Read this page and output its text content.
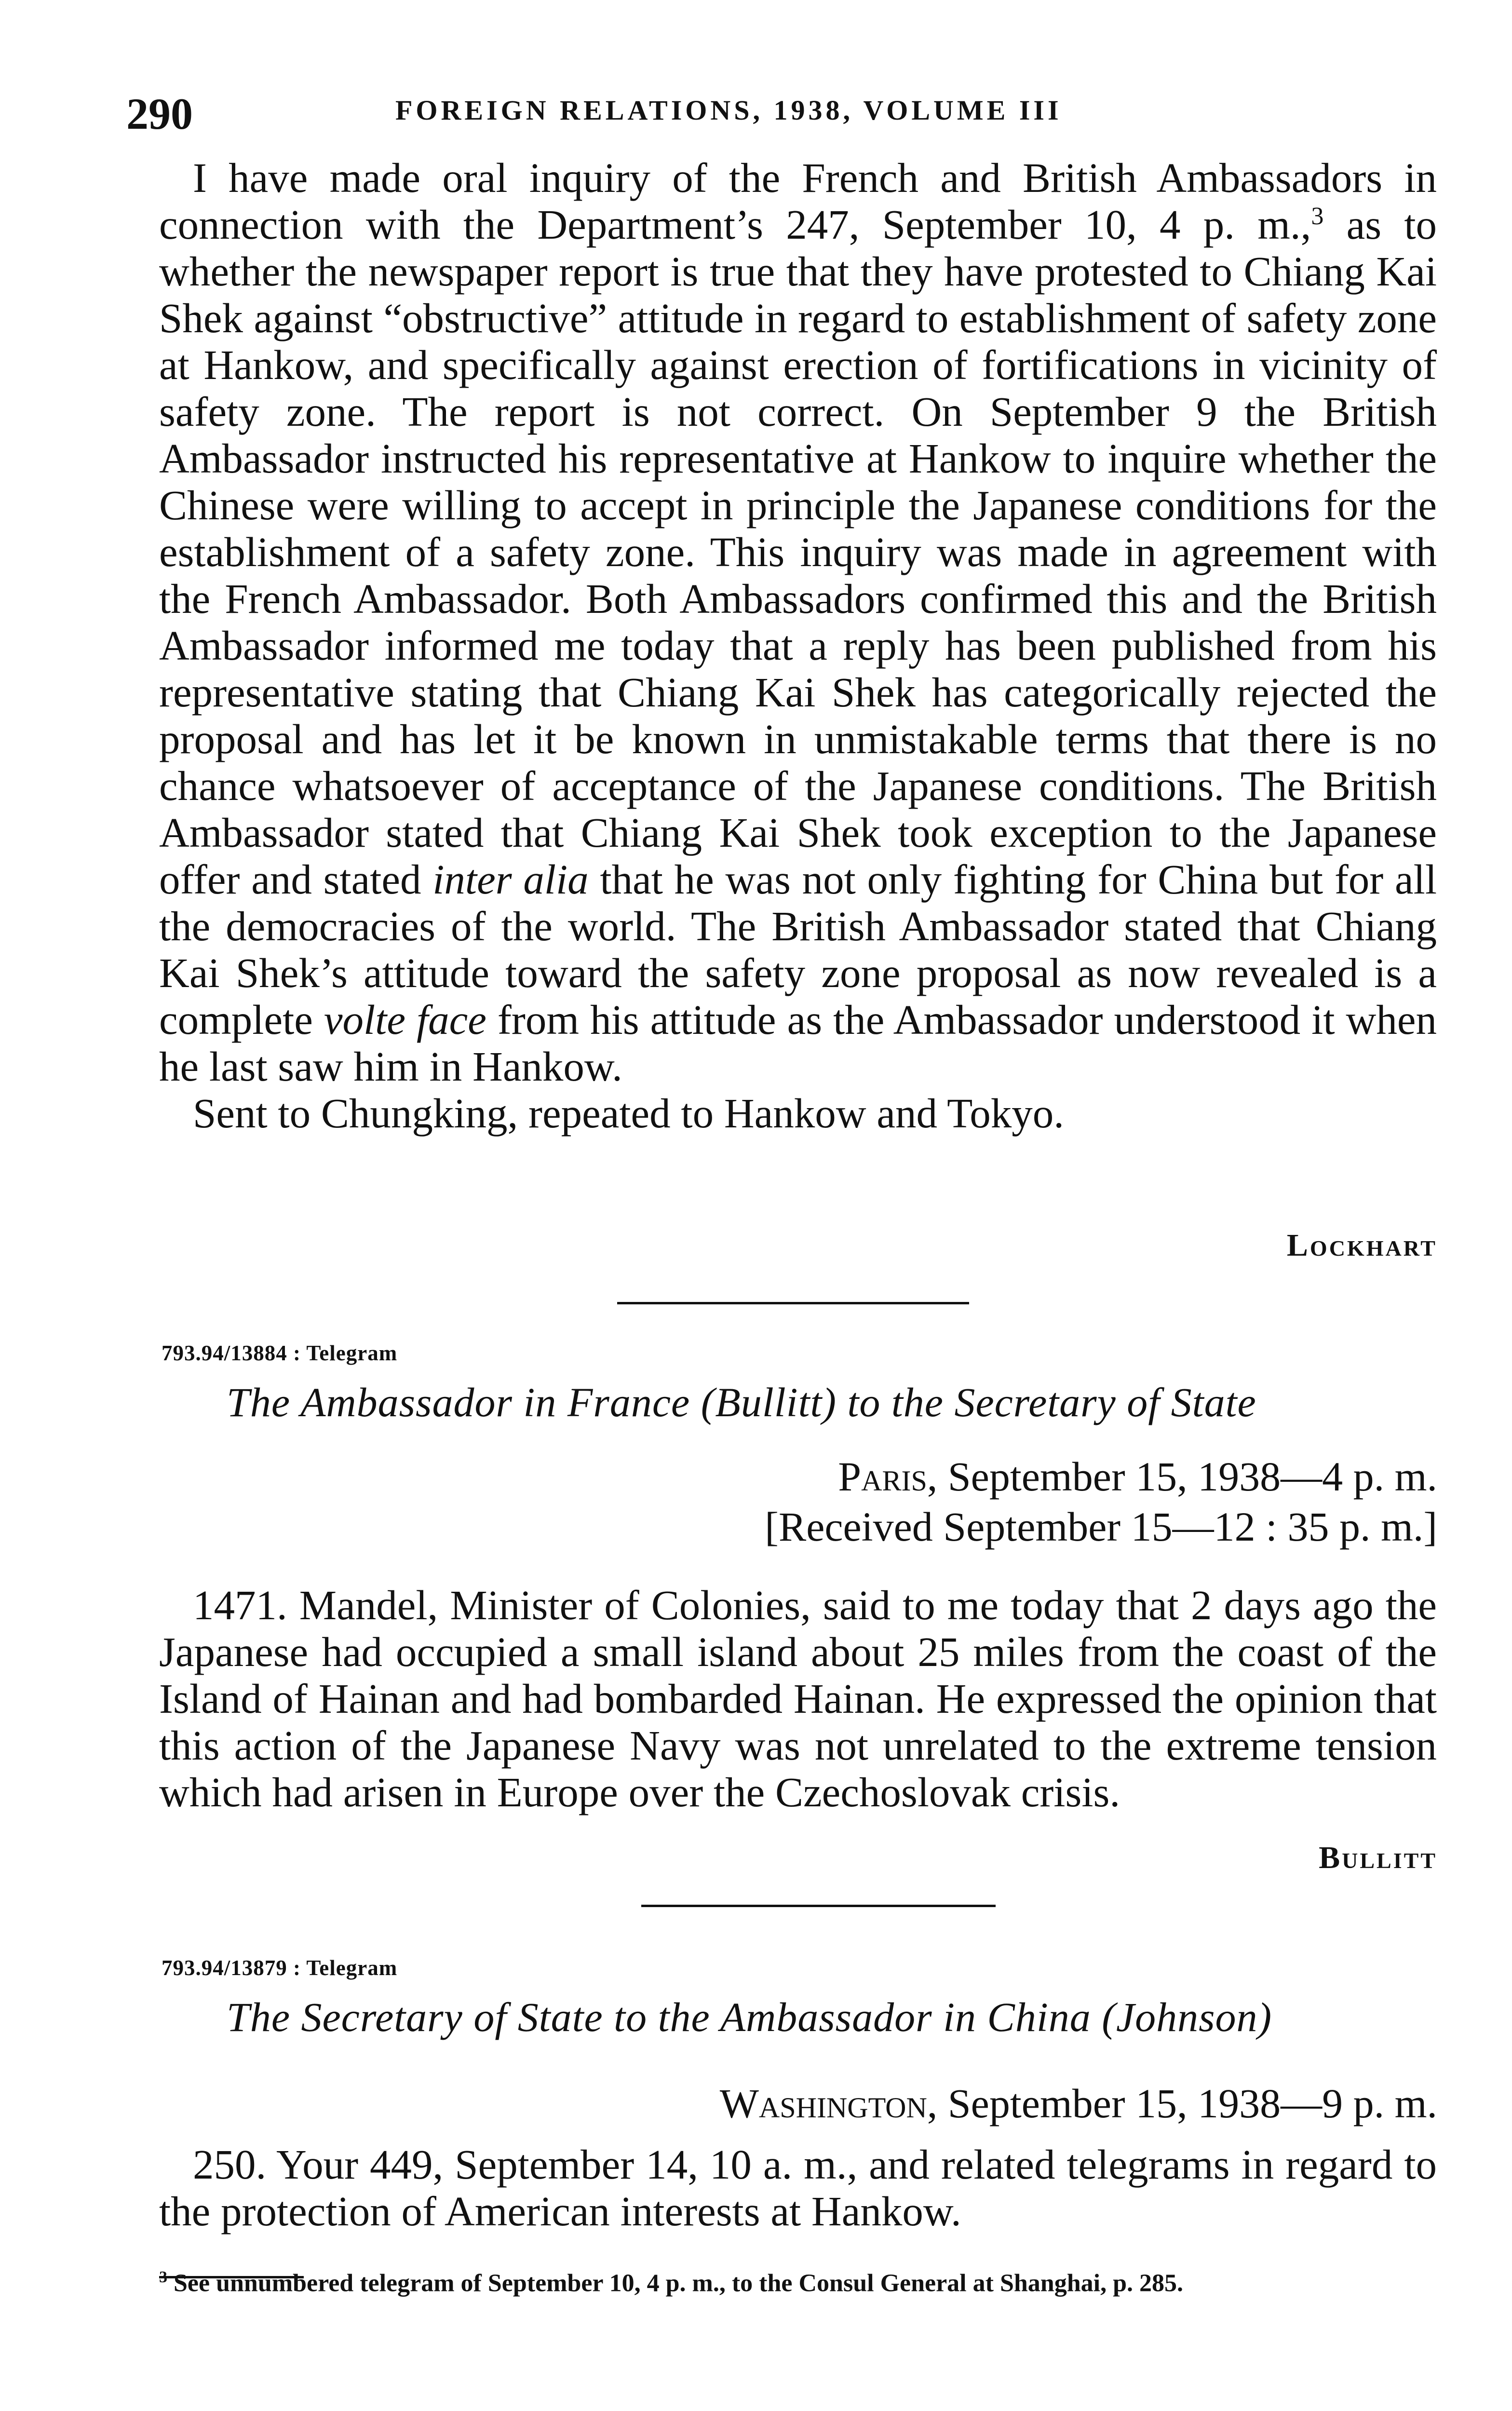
290	FOREIGN RELATIONS, 1938, VOLUME III

I have made oral inquiry of the French and British Ambassadors in connection with the Department’s 247, September 10, 4 p. m.,$^3$ as to whether the newspaper report is true that they have protested to Chiang Kai Shek against “obstructive” attitude in regard to establishment of safety zone at Hankow, and specifically against erection of fortifications in vicinity of safety zone. The report is not correct. On September 9 the British Ambassador instructed his representative at Hankow to inquire whether the Chinese were willing to accept in principle the Japanese conditions for the establishment of a safety zone. This inquiry was made in agreement with the French Ambassador. Both Ambassadors confirmed this and the British Ambassador informed me today that a reply has been published from his representative stating that Chiang Kai Shek has categorically rejected the proposal and has let it be known in unmistakable terms that there is no chance whatsoever of acceptance of the Japanese conditions. The British Ambassador stated that Chiang Kai Shek took exception to the Japanese offer and stated inter alia that he was not only fighting for China but for all the democracies of the world. The British Ambassador stated that Chiang Kai Shek’s attitude toward the safety zone proposal as now revealed is a complete volte face from his attitude as the Ambassador understood it when he last saw him in Hankow.

Sent to Chungking, repeated to Hankow and Tokyo.

Lockhart
793.94/13884 : Telegram
The Ambassador in France (Bullitt) to the Secretary of State
Paris, September 15, 1938—4 p. m.
[Received September 15—12 : 35 p. m.]

1471. Mandel, Minister of Colonies, said to me today that 2 days ago the Japanese had occupied a small island about 25 miles from the coast of the Island of Hainan and had bombarded Hainan. He expressed the opinion that this action of the Japanese Navy was not unrelated to the extreme tension which had arisen in Europe over the Czechoslovak crisis.

Bullitt
793.94/13879 : Telegram
The Secretary of State to the Ambassador in China (Johnson)
Washington, September 15, 1938—9 p. m.

250. Your 449, September 14, 10 a. m., and related telegrams in regard to the protection of American interests at Hankow.

$^3$ See unnumbered telegram of September 10, 4 p. m., to the Consul General at Shanghai, p. 285.
